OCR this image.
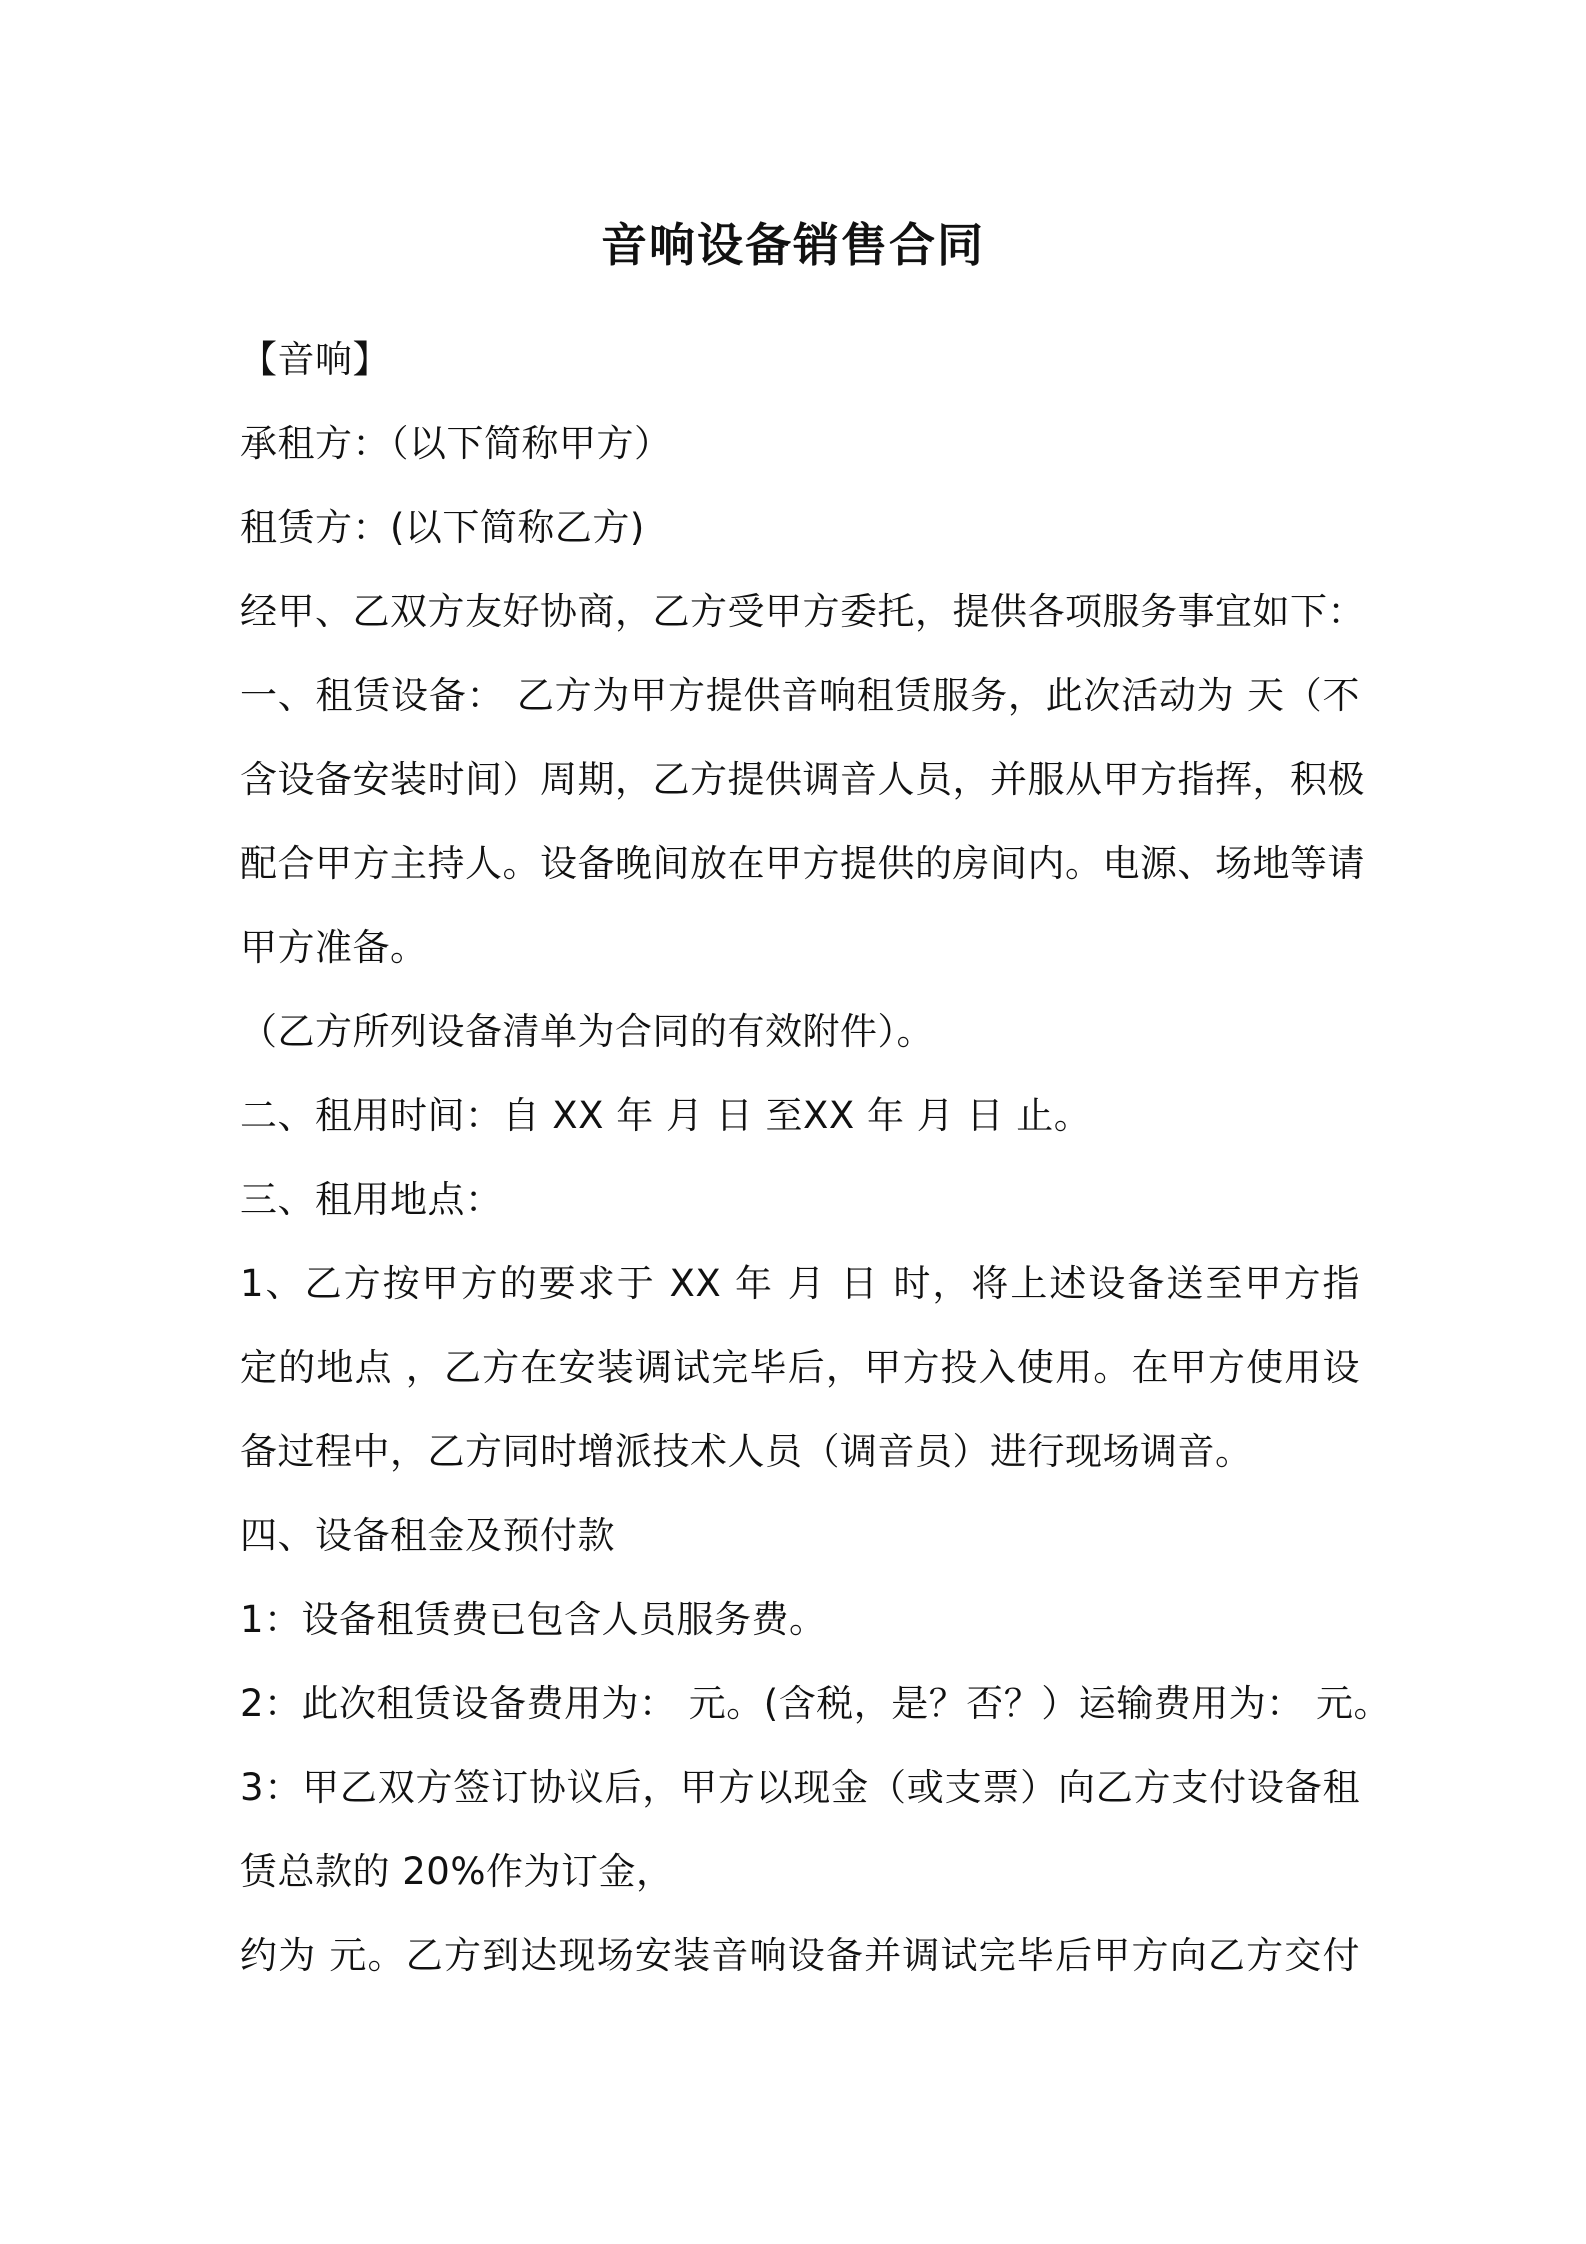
音响设备销售合同
【音响】
承租方：（以下简称甲方）
租赁方：(以下简称乙方)
经甲、乙双方友好协商，乙方受甲方委托，提供各项服务事宜如下：
一、租赁设备： 乙方为甲方提供音响租赁服务，此次活动为 天（不
含设备安装时间）周期，乙方提供调音人员，并服从甲方指挥，积极
配合甲方主持人。设备晚间放在甲方提供的房间内。电源、场地等请
甲方准备。
（乙方所列设备清单为合同的有效附件）。
二、租用时间：自 XX 年 月 日 至XX 年 月 日 止。
三、租用地点：
1、乙方按甲方的要求于 XX 年 月 日 时，将上述设备送至甲方指
定的地点 ，乙方在安装调试完毕后，甲方投入使用。在甲方使用设
备过程中，乙方同时增派技术人员（调音员）进行现场调音。
四、设备租金及预付款
1：设备租赁费已包含人员服务费。
2：此次租赁设备费用为： 元。(含税，是？否？）运输费用为： 元。
3：甲乙双方签订协议后，甲方以现金（或支票）向乙方支付设备租
赁总款的 20%作为订金，
约为 元。乙方到达现场安装音响设备并调试完毕后甲方向乙方交付
